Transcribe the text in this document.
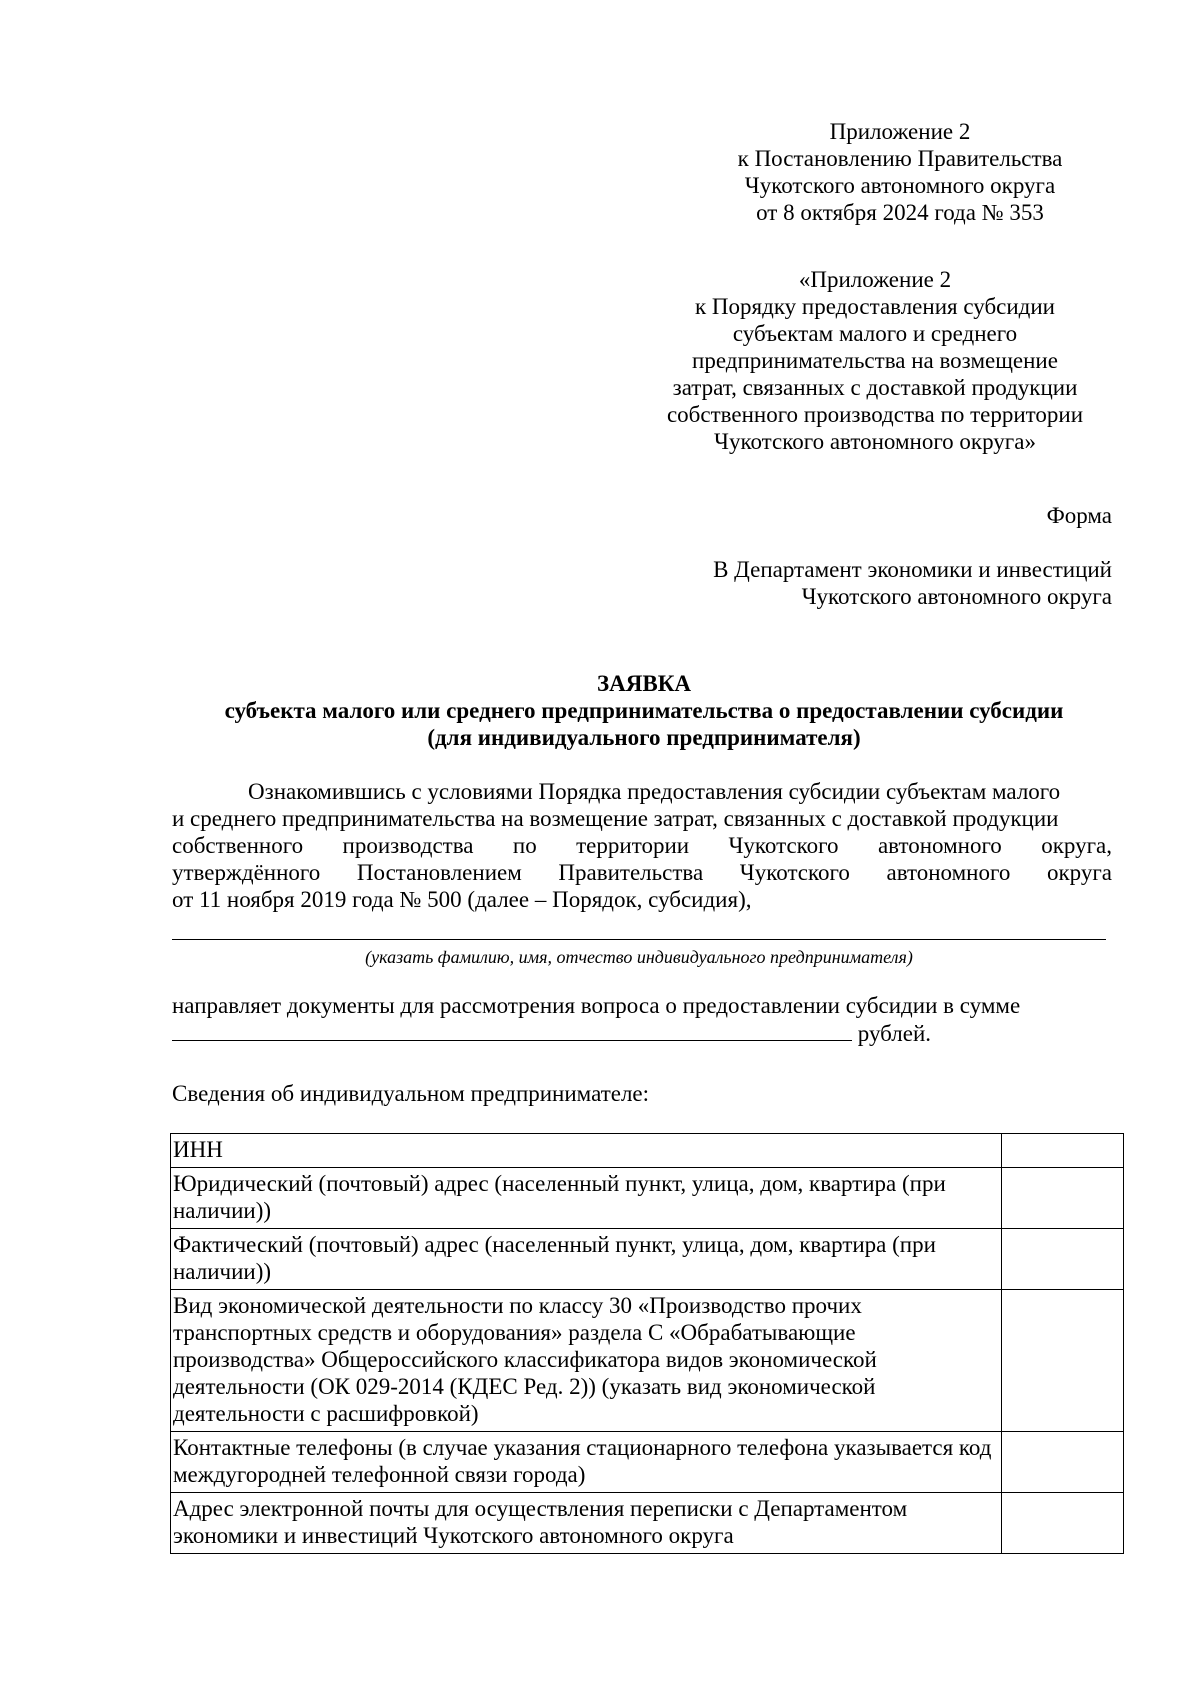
Приложение 2
к Постановлению Правительства
Чукотского автономного округа
от 8 октября 2024 года № 353
«Приложение 2
к Порядку предоставления субсидии
субъектам малого и среднего
предпринимательства на возмещение
затрат, связанных с доставкой продукции
собственного производства по территории
Чукотского автономного округа»
Форма
В Департамент экономики и инвестиций
Чукотского автономного округа
ЗАЯВКА
субъекта малого или среднего предпринимательства о предоставлении субсидии
(для индивидуального предпринимателя)
Ознакомившись с условиями Порядка предоставления субсидии субъектам малого
и среднего предпринимательства на возмещение затрат, связанных с доставкой продукции
собственного производства по территории Чукотского автономного округа,
утверждённого Постановлением Правительства Чукотского автономного округа
от 11 ноября 2019 года № 500 (далее – Порядок, субсидия),
(указать фамилию, имя, отчество индивидуального предпринимателя)
направляет документы для рассмотрения вопроса о предоставлении субсидии в сумме
рублей.
Сведения об индивидуальном предпринимателе:
ИНН	
Юридический (почтовый) адрес (населенный пункт, улица, дом, квартира (при наличии))	
Фактический (почтовый) адрес (населенный пункт, улица, дом, квартира (при наличии))	
Вид экономической деятельности по классу 30 «Производство прочих транспортных средств и оборудования» раздела С «Обрабатывающие производства» Общероссийского классификатора видов экономической деятельности (ОК 029-2014 (КДЕС Ред. 2)) (указать вид экономической деятельности с расшифровкой)	
Контактные телефоны (в случае указания стационарного телефона указывается код междугородней телефонной связи города)	
Адрес электронной почты для осуществления переписки с Департаментом экономики и инвестиций Чукотского автономного округа	
